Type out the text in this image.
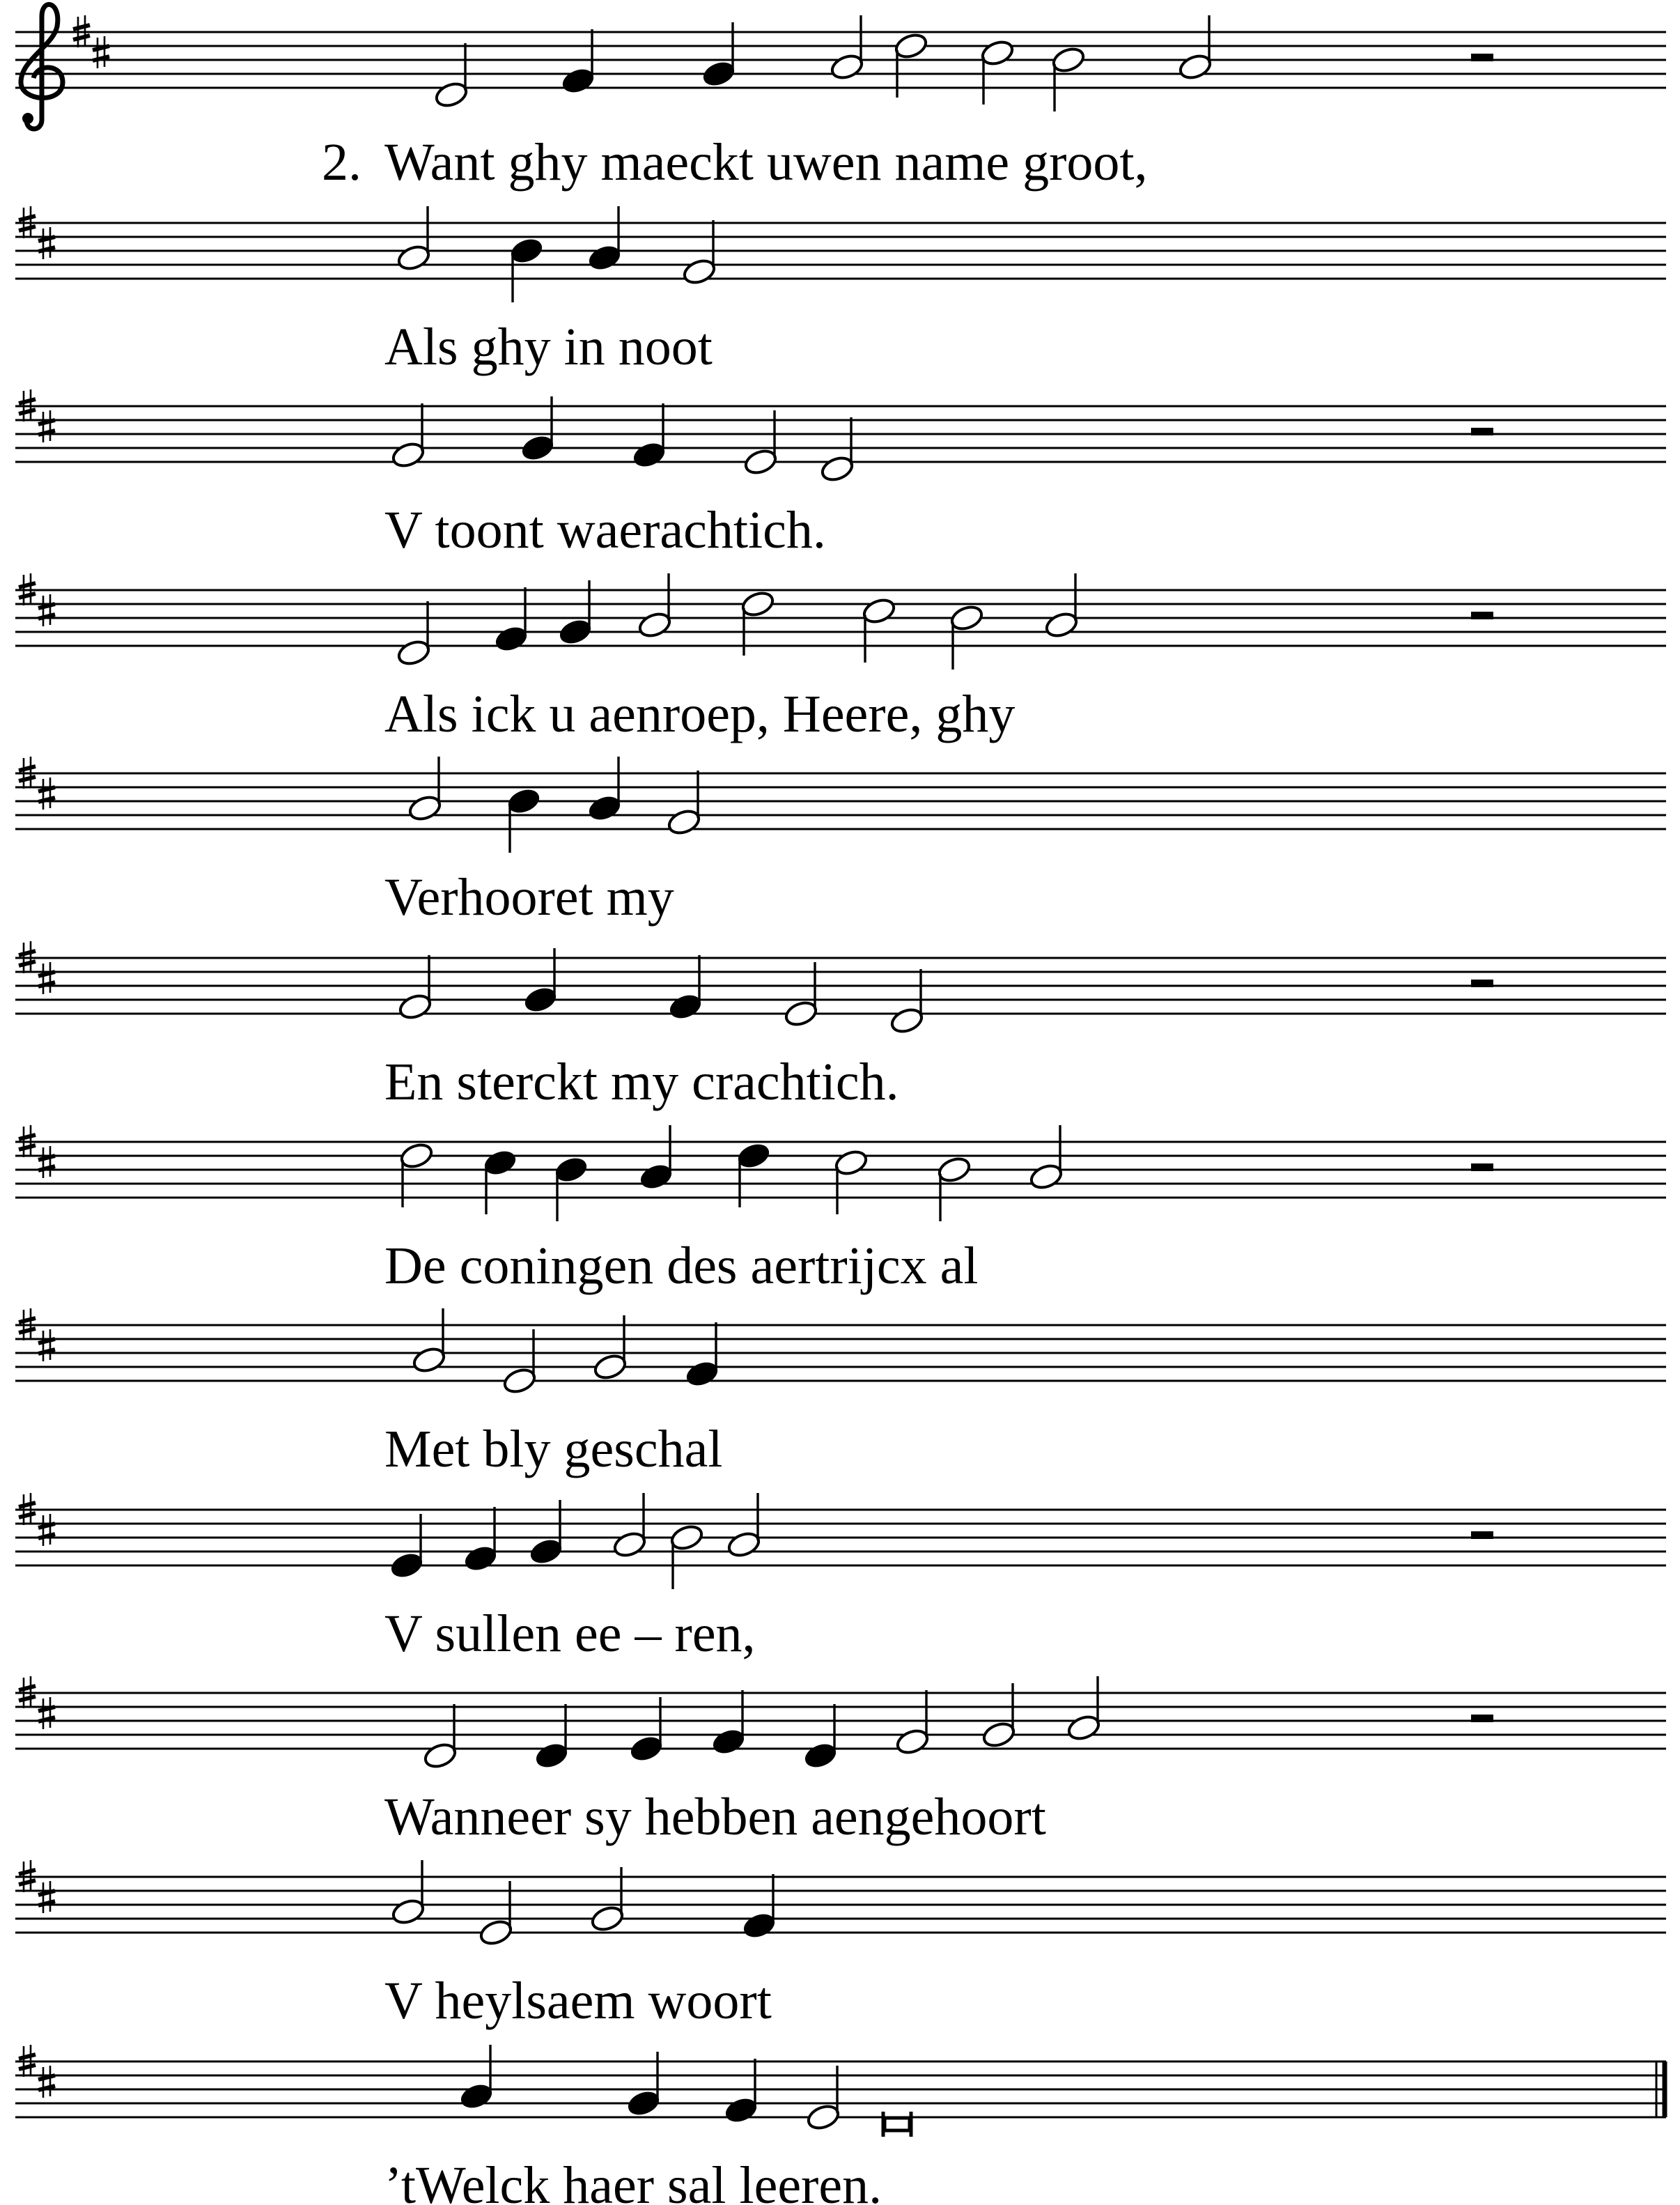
Want ghy maeckt uwen name groot,
Als ghy in noot
V toont waerachtich.
Als ick u aenroep, Heere, ghy
Verhooret my
En sterckt my crachtich.
De coningen des aertrijcx al
Met bly geschal
V sullen ee – ren,
Wanneer sy hebben aengehoort
V heylsaem woort
’tWelck haer sal leeren.
2.
